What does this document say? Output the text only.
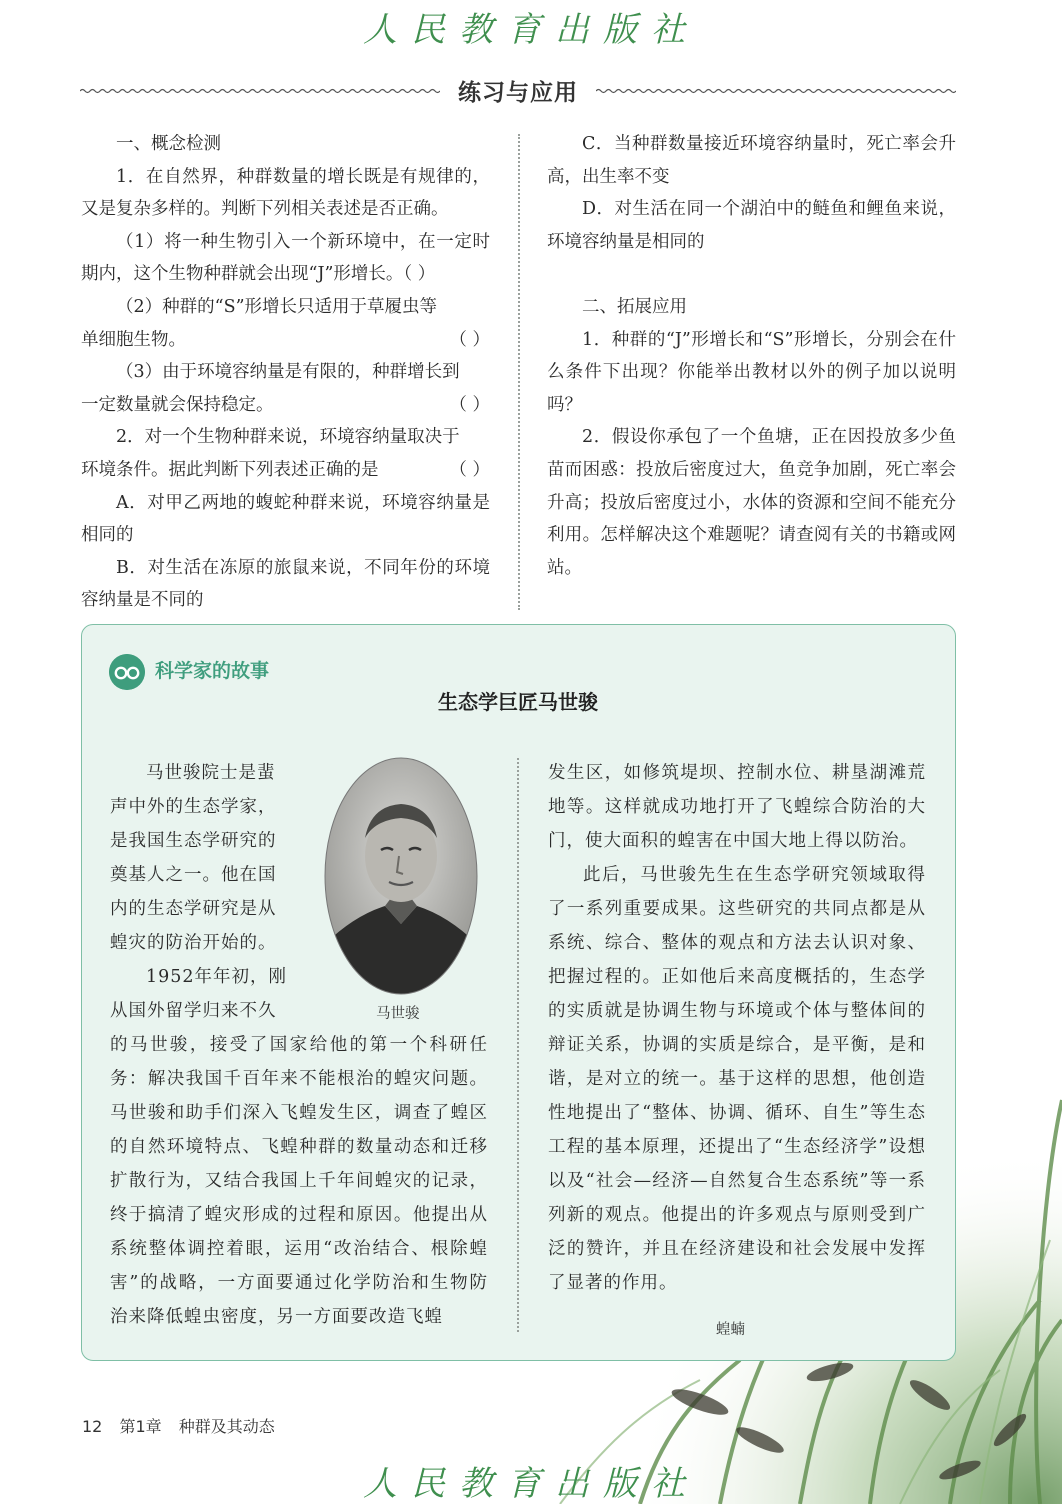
人民教育出版社
练习与应用

一、概念检测

1．在自然界，种群数量的增长既是有规律的，又是复杂多样的。判断下列相关表述是否正确。

（1）将一种生物引入一个新环境中，在一定时期内，这个生物种群就会出现“J”形增长。（ ）

（2）种群的“S”形增长只适用于草履虫等

单细胞生物。	（ ）

（3）由于环境容纳量是有限的，种群增长到

一定数量就会保持稳定。	（ ）

2．对一个生物种群来说，环境容纳量取决于

环境条件。据此判断下列表述正确的是	（ ）

A．对甲乙两地的蝮蛇种群来说，环境容纳量是相同的

B．对生活在冻原的旅鼠来说，不同年份的环境容纳量是不同的

C．当种群数量接近环境容纳量时，死亡率会升高，出生率不变

D．对生活在同一个湖泊中的鲢鱼和鲤鱼来说，环境容纳量是相同的

二、拓展应用

1．种群的“J”形增长和“S”形增长，分别会在什么条件下出现？你能举出教材以外的例子加以说明吗？

2．假设你承包了一个鱼塘，正在因投放多少鱼苗而困惑：投放后密度过大，鱼竞争加剧，死亡率会升高；投放后密度过小，水体的资源和空间不能充分利用。怎样解决这个难题呢？请查阅有关的书籍或网站。

科学家的故事
生态学巨匠马世骏
马世骏院士是蜚
声中外的生态学家，
是我国生态学研究的
奠基人之一。他在国
内的生态学研究是从
蝗灾的防治开始的。
1952年年初，刚
从国外留学归来不久	马世骏

的马世骏，接受了国家给他的第一个科研任务：解决我国千百年来不能根治的蝗灾问题。马世骏和助手们深入飞蝗发生区，调查了蝗区的自然环境特点、飞蝗种群的数量动态和迁移扩散行为，又结合我国上千年间蝗灾的记录，终于搞清了蝗灾形成的过程和原因。他提出从系统整体调控着眼，运用“改治结合、根除蝗害”的战略，一方面要通过化学防治和生物防治来降低蝗虫密度，另一方面要改造飞蝗

发生区，如修筑堤坝、控制水位、耕垦湖滩荒地等。这样就成功地打开了飞蝗综合防治的大门，使大面积的蝗害在中国大地上得以防治。

此后，马世骏先生在生态学研究领域取得了一系列重要成果。这些研究的共同点都是从系统、综合、整体的观点和方法去认识对象、把握过程的。正如他后来高度概括的，生态学的实质就是协调生物与环境或个体与整体间的辩证关系，协调的实质是综合，是平衡，是和谐，是对立的统一。基于这样的思想，他创造性地提出了“整体、协调、循环、自生”等生态工程的基本原理，还提出了“生态经济学”设想以及“社会—经济—自然复合生态系统”等一系列新的观点。他提出的许多观点与原则受到广泛的赞许，并且在经济建设和社会发展中发挥了显著的作用。

蝗蝻
12 第1章 种群及其动态
人民教育出版社
